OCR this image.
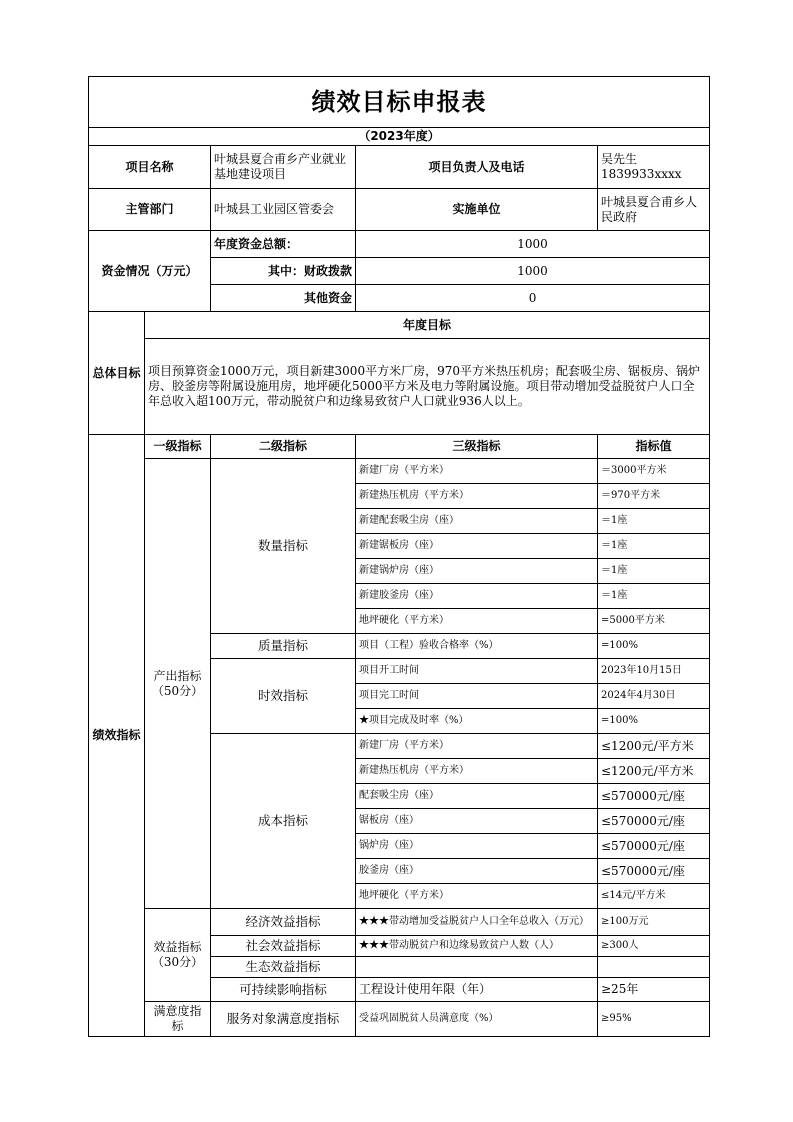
绩效目标申报表				
（2023年度）				
项目名称		叶城县夏合甫乡产业就业基地建设项目	项目负责人及电话	吴先生
1839933xxxx

主管部门		叶城县工业园区管委会	实施单位	叶城县夏合甫乡人民政府
资金情况（万元）		年度资金总额：	1000	
		其中：财政拨款	1000	
		其他资金	0	
总体目标	年度目标			
	项目预算资金1000万元，项目新建3000平方米厂房，970平方米热压机房；配套吸尘房、锯板房、锅炉房、胶釜房等附属设施用房，地坪硬化5000平方米及电力等附属设施。项目带动增加受益脱贫户人口全年总收入超100万元，带动脱贫户和边缘易致贫户人口就业936人以上。			
绩效指标	一级指标	二级指标	三级指标	指标值
	产出指标（50分）	数量指标	新建厂房（平方米）	＝3000平方米
			新建热压机房（平方米）	＝970平方米
			新建配套吸尘房（座）	＝1座
			新建锯板房（座）	＝1座
			新建锅炉房（座）	＝1座
			新建胶釜房（座）	＝1座
			地坪硬化（平方米）	=5000平方米
		质量指标	项目（工程）验收合格率（%）	=100%
		时效指标	项目开工时间	2023年10月15日
			项目完工时间	2024年4月30日
			★项目完成及时率（%）	=100%
		成本指标	新建厂房（平方米）	≤1200元/平方米
			新建热压机房（平方米）	≤1200元/平方米
			配套吸尘房（座）	≤570000元/座
			锯板房（座）	≤570000元/座
			锅炉房（座）	≤570000元/座
			胶釜房（座）	≤570000元/座
			地坪硬化（平方米）	≤14元/平方米
	效益指标（30分）	经济效益指标	★★★带动增加受益脱贫户人口全年总收入（万元）	≥100万元
		社会效益指标	★★★带动脱贫户和边缘易致贫户人数（人）	≥300人
		生态效益指标		
		可持续影响指标	工程设计使用年限（年）	≥25年
	满意度指标	服务对象满意度指标	受益巩固脱贫人员满意度（%）	≥95%
